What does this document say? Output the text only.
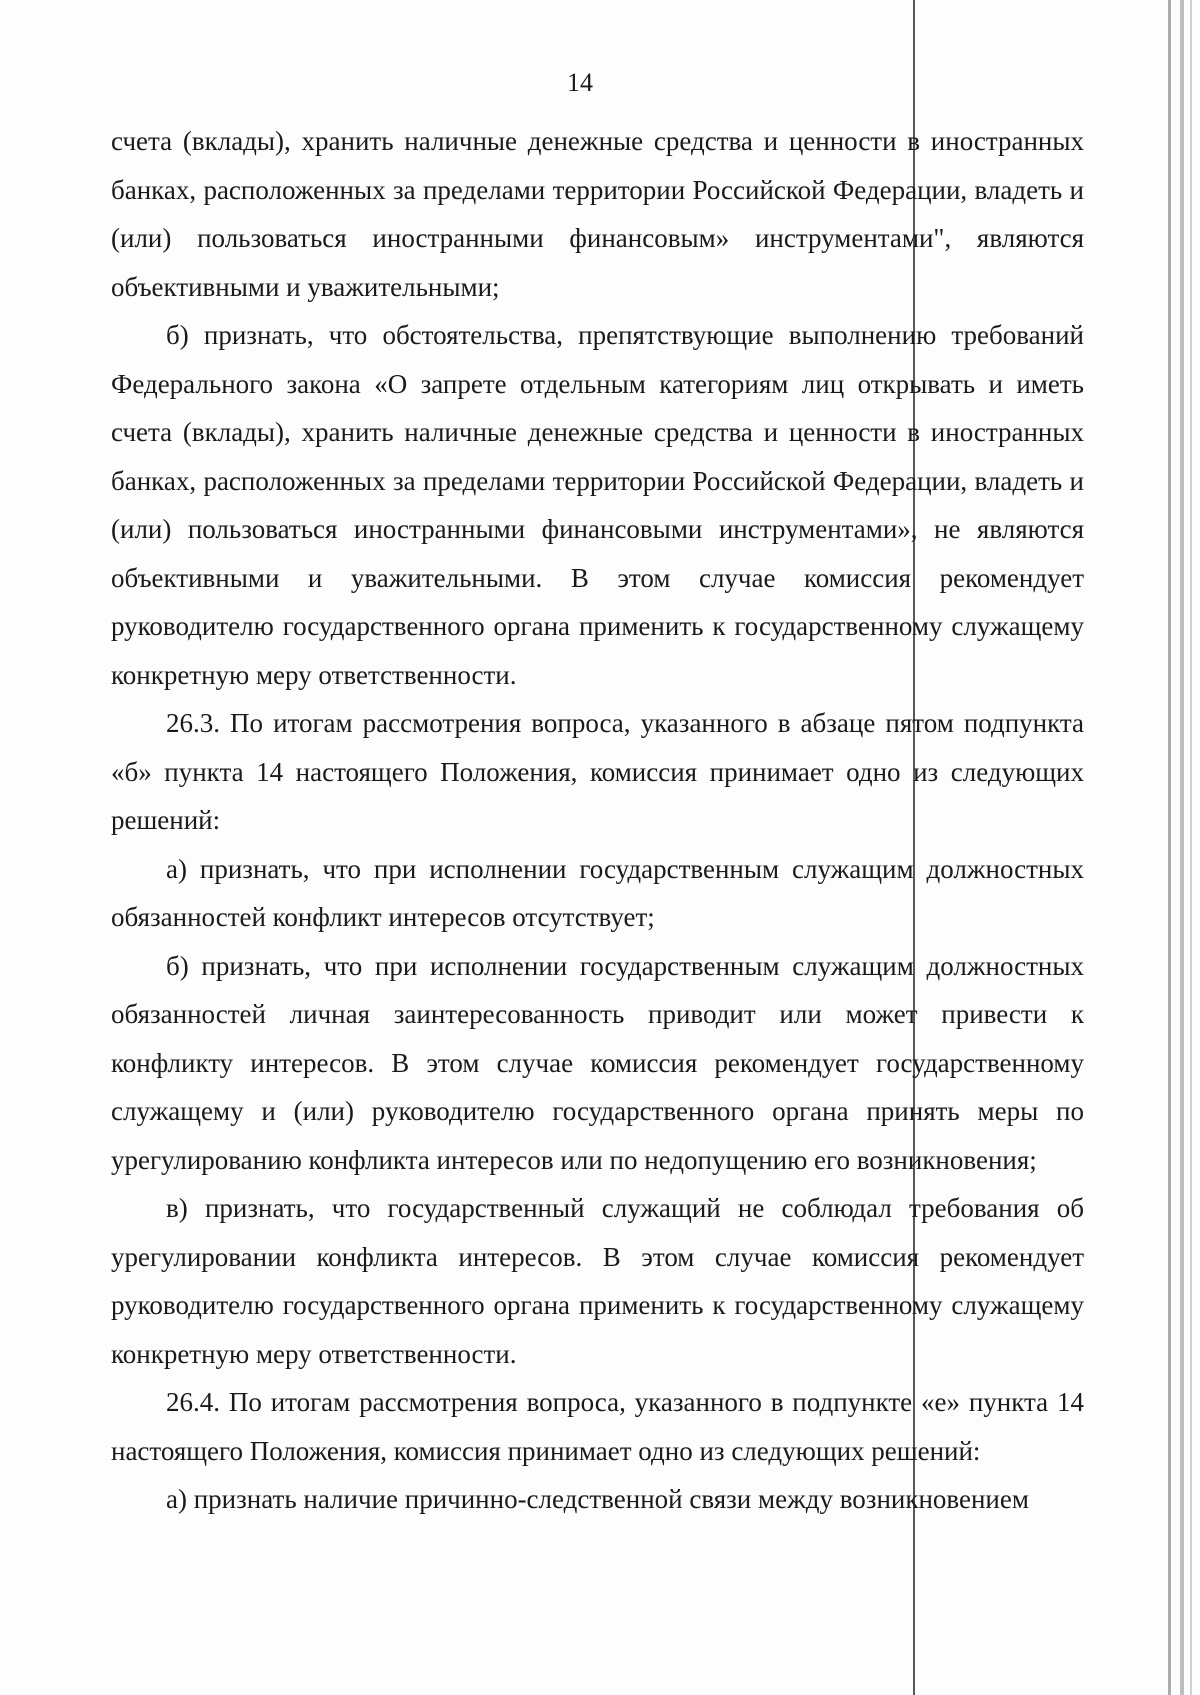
14

счета (вклады), хранить наличные денежные средства и ценности в иностранных банках, расположенных за пределами территории Российской Федерации, владеть и (или) пользоваться иностранными финансовым» инструментами", являются объективными и уважительными;

б) признать, что обстоятельства, препятствующие выполнению требований Федерального закона «О запрете отдельным категориям лиц открывать и иметь счета (вклады), хранить наличные денежные средства и ценности в иностранных банках, расположенных за пределами территории Российской Федерации, владеть и (или) пользоваться иностранными финансовыми инструментами», не являются объективными и уважительными. В этом случае комиссия рекомендует руководителю государственного органа применить к государственному служащему конкретную меру ответственности.

26.3. По итогам рассмотрения вопроса, указанного в абзаце пятом подпункта «б» пункта 14 настоящего Положения, комиссия принимает одно из следующих решений:

а) признать, что при исполнении государственным служащим должностных обязанностей конфликт интересов отсутствует;

б) признать, что при исполнении государственным служащим должностных обязанностей личная заинтересованность приводит или может привести к конфликту интересов. В этом случае комиссия рекомендует государственному служащему и (или) руководителю государственного органа принять меры по урегулированию конфликта интересов или по недопущению его возникновения;

в) признать, что государственный служащий не соблюдал требования об урегулировании конфликта интересов. В этом случае комиссия рекомендует руководителю государственного органа применить к государственному служащему конкретную меру ответственности.

26.4. По итогам рассмотрения вопроса, указанного в подпункте «е» пункта 14 настоящего Положения, комиссия принимает одно из следующих решений:

а) признать наличие причинно-следственной связи между возникновением
